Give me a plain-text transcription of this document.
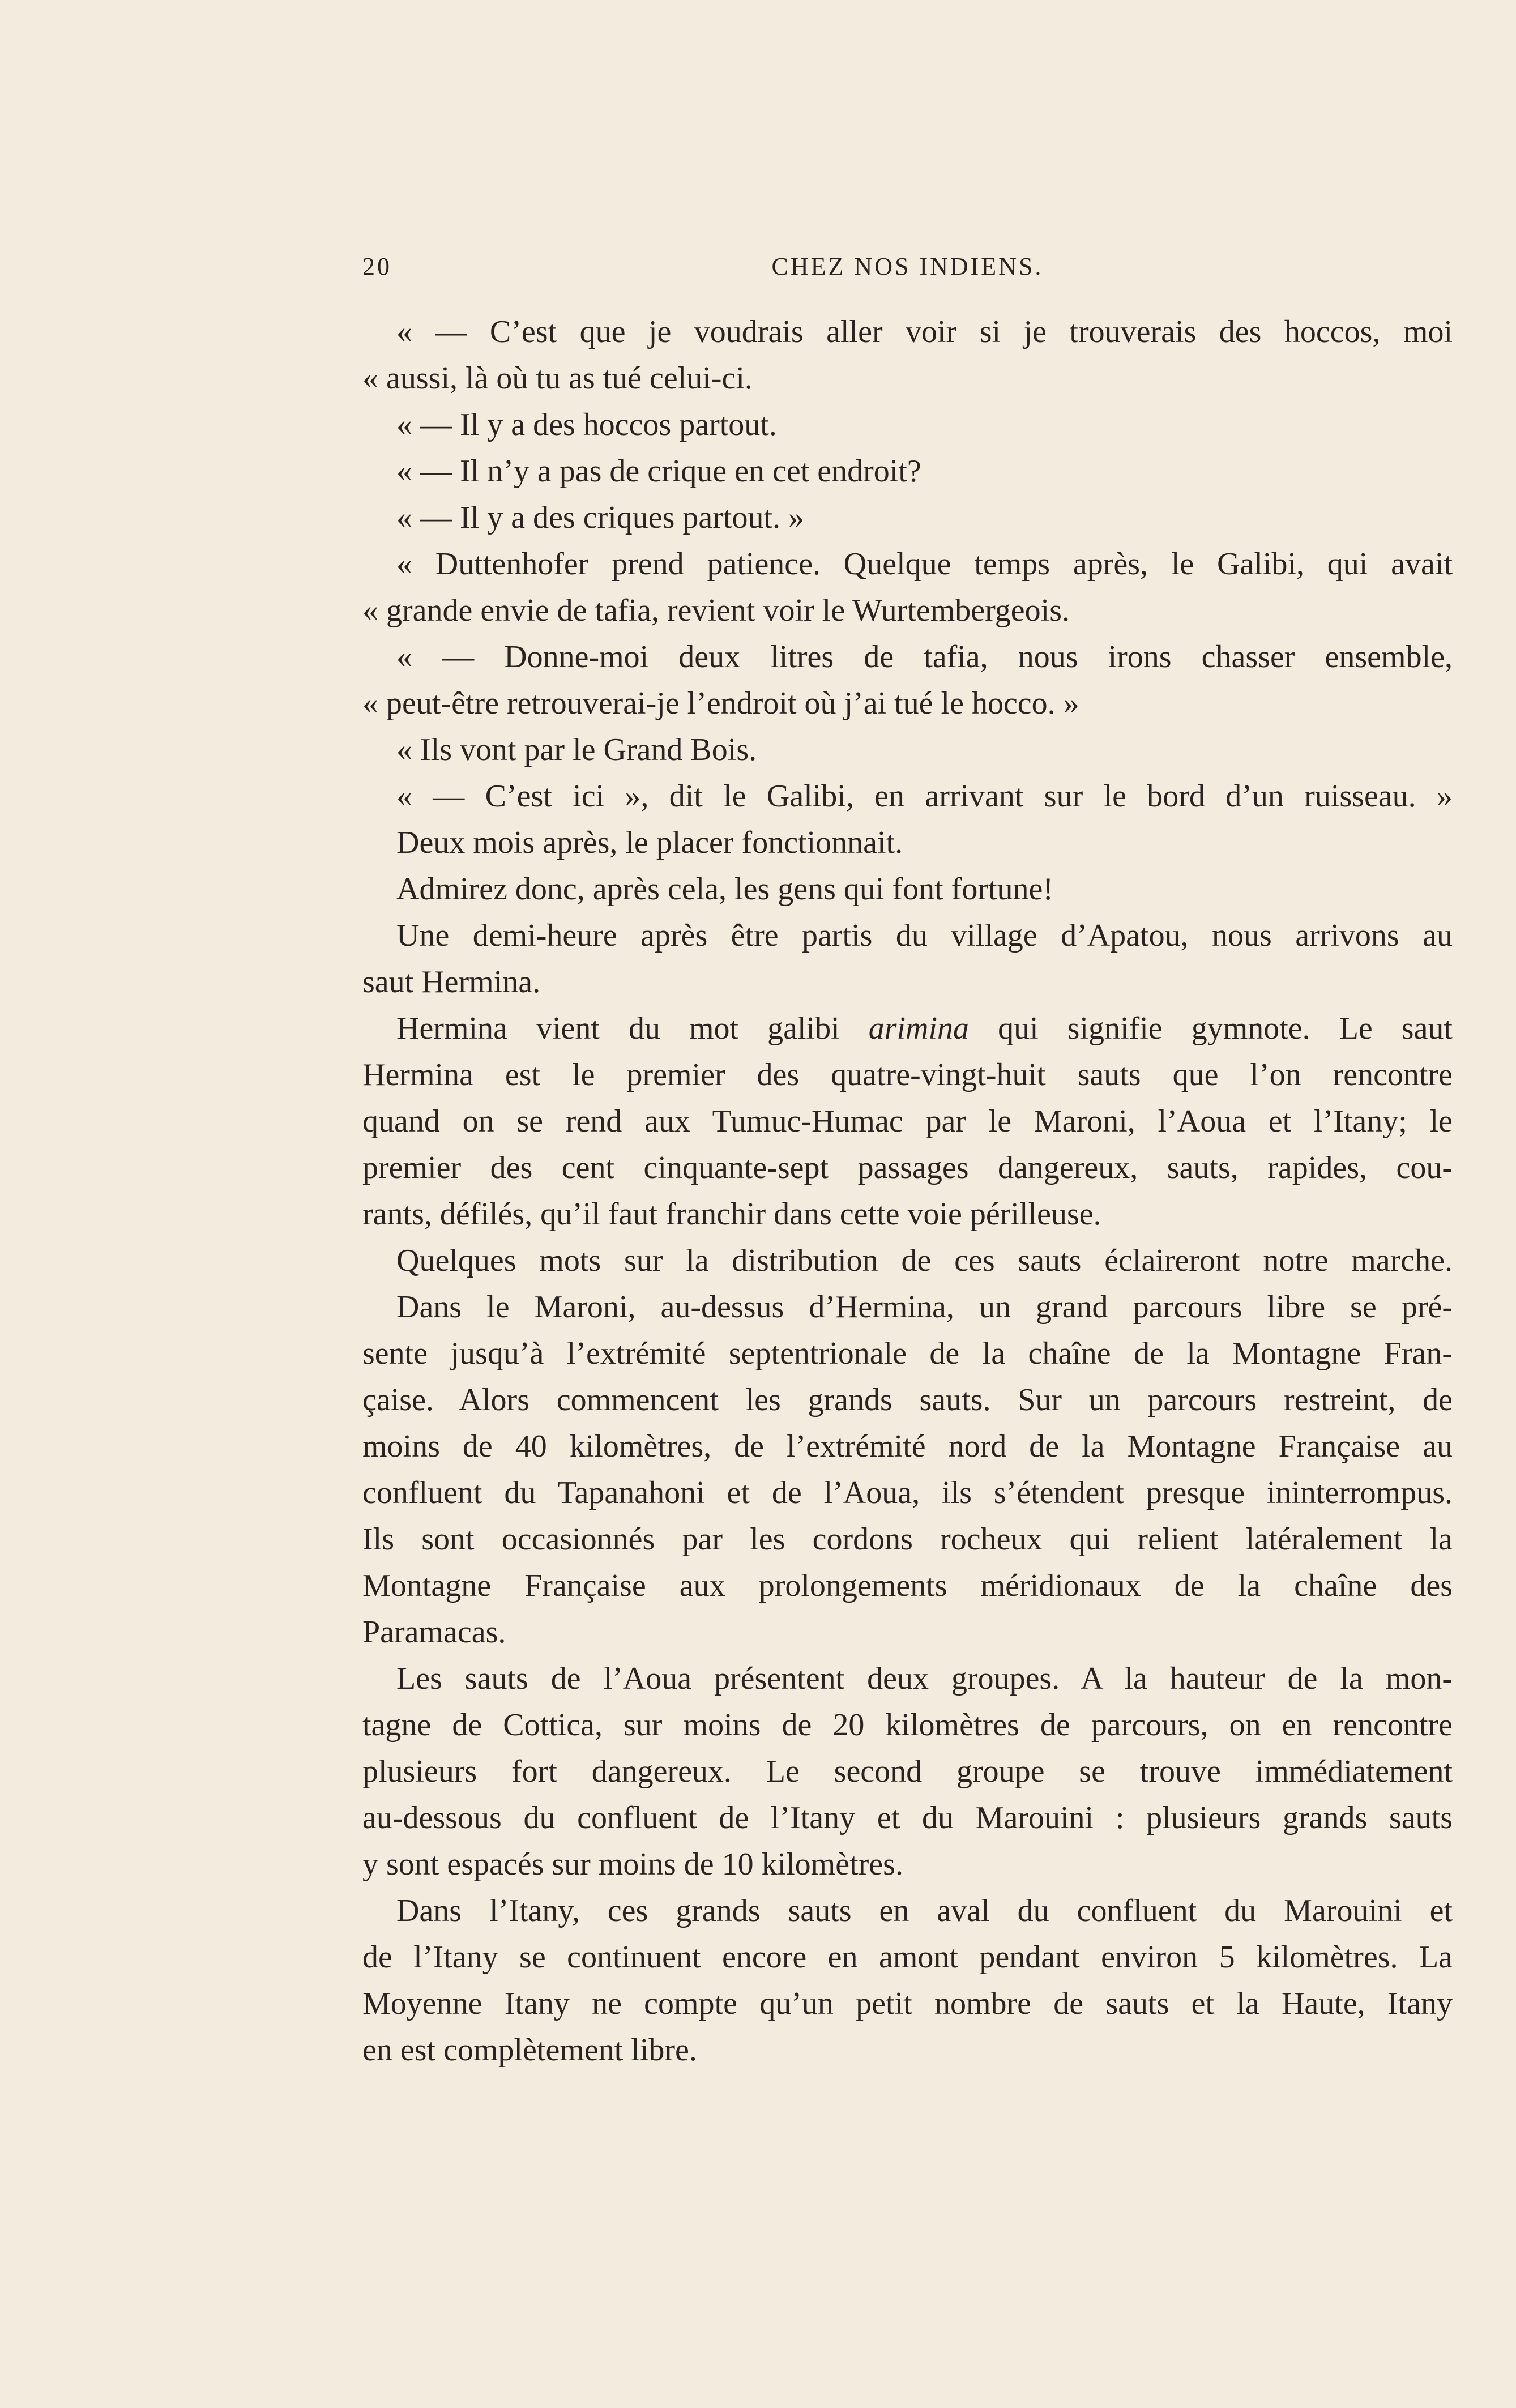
20	CHEZ NOS INDIENS.
« — C’est que je voudrais aller voir si je trouverais des hoccos, moi
« aussi, là où tu as tué celui-ci.
« — Il y a des hoccos partout.
« — Il n’y a pas de crique en cet endroit?
« — Il y a des criques partout. »
« Duttenhofer prend patience. Quelque temps après, le Galibi, qui avait
« grande envie de tafia, revient voir le Wurtembergeois.
« — Donne-moi deux litres de tafia, nous irons chasser ensemble,
« peut-être retrouverai-je l’endroit où j’ai tué le hocco. »
« Ils vont par le Grand Bois.
« — C’est ici », dit le Galibi, en arrivant sur le bord d’un ruisseau. »
Deux mois après, le placer fonctionnait.
Admirez donc, après cela, les gens qui font fortune!
Une demi-heure après être partis du village d’Apatou, nous arrivons au
saut Hermina.
Hermina vient du mot galibi arimina qui signifie gymnote. Le saut
Hermina est le premier des quatre-vingt-huit sauts que l’on rencontre
quand on se rend aux Tumuc-Humac par le Maroni, l’Aoua et l’Itany; le
premier des cent cinquante-sept passages dangereux, sauts, rapides, cou-
rants, défilés, qu’il faut franchir dans cette voie périlleuse.
Quelques mots sur la distribution de ces sauts éclaireront notre marche.
Dans le Maroni, au-dessus d’Hermina, un grand parcours libre se pré-
sente jusqu’à l’extrémité septentrionale de la chaîne de la Montagne Fran-
çaise. Alors commencent les grands sauts. Sur un parcours restreint, de
moins de 40 kilomètres, de l’extrémité nord de la Montagne Française au
confluent du Tapanahoni et de l’Aoua, ils s’étendent presque ininterrompus.
Ils sont occasionnés par les cordons rocheux qui relient latéralement la
Montagne Française aux prolongements méridionaux de la chaîne des
Paramacas.
Les sauts de l’Aoua présentent deux groupes. A la hauteur de la mon-
tagne de Cottica, sur moins de 20 kilomètres de parcours, on en rencontre
plusieurs fort dangereux. Le second groupe se trouve immédiatement
au-dessous du confluent de l’Itany et du Marouini : plusieurs grands sauts
y sont espacés sur moins de 10 kilomètres.
Dans l’Itany, ces grands sauts en aval du confluent du Marouini et
de l’Itany se continuent encore en amont pendant environ 5 kilomètres. La
Moyenne Itany ne compte qu’un petit nombre de sauts et la Haute, Itany
en est complètement libre.
